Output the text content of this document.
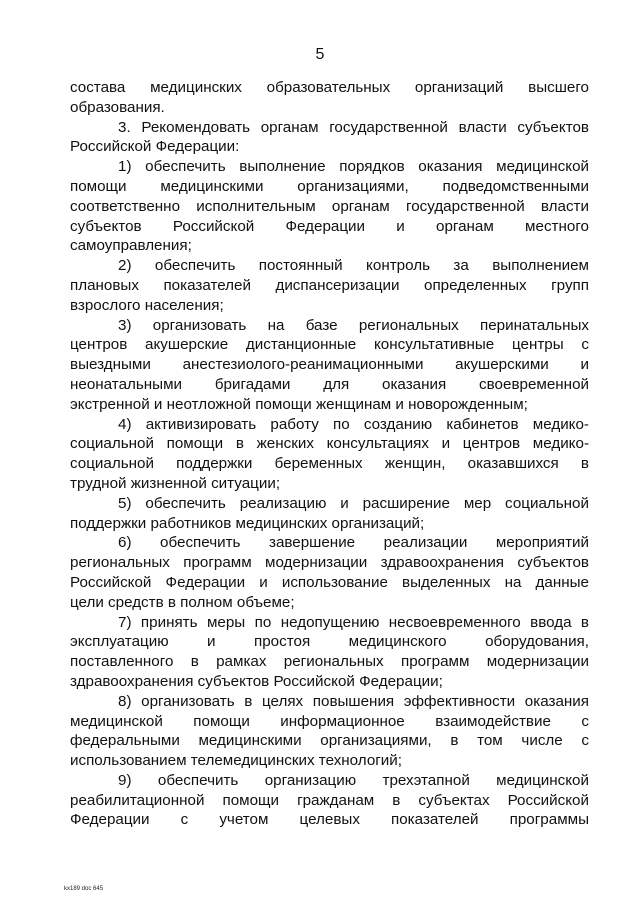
5
состава медицинских образовательных организаций высшего
образования.
3. Рекомендовать органам государственной власти субъектов
Российской Федерации:
1) обеспечить выполнение порядков оказания медицинской
помощи медицинскими организациями, подведомственными
соответственно исполнительным органам государственной власти
субъектов Российской Федерации и органам местного
самоуправления;
2) обеспечить постоянный контроль за выполнением
плановых показателей диспансеризации определенных групп
взрослого населения;
3) организовать на базе региональных перинатальных
центров акушерские дистанционные консультативные центры с
выездными анестезиолого-реанимационными акушерскими и
неонатальными бригадами для оказания своевременной
экстренной и неотложной помощи женщинам и новорожденным;
4) активизировать работу по созданию кабинетов медико-
социальной помощи в женских консультациях и центров медико-
социальной поддержки беременных женщин, оказавшихся в
трудной жизненной ситуации;
5) обеспечить реализацию и расширение мер социальной
поддержки работников медицинских организаций;
6) обеспечить завершение реализации мероприятий
региональных программ модернизации здравоохранения субъектов
Российской Федерации и использование выделенных на данные
цели средств в полном объеме;
7) принять меры по недопущению несвоевременного ввода в
эксплуатацию и простоя медицинского оборудования,
поставленного в рамках региональных программ модернизации
здравоохранения субъектов Российской Федерации;
8) организовать в целях повышения эффективности оказания
медицинской помощи информационное взаимодействие с
федеральными медицинскими организациями, в том числе с
использованием телемедицинских технологий;
9) обеспечить организацию трехэтапной медицинской
реабилитационной помощи гражданам в субъектах Российской
Федерации с учетом целевых показателей программы
kx189 doc 645
